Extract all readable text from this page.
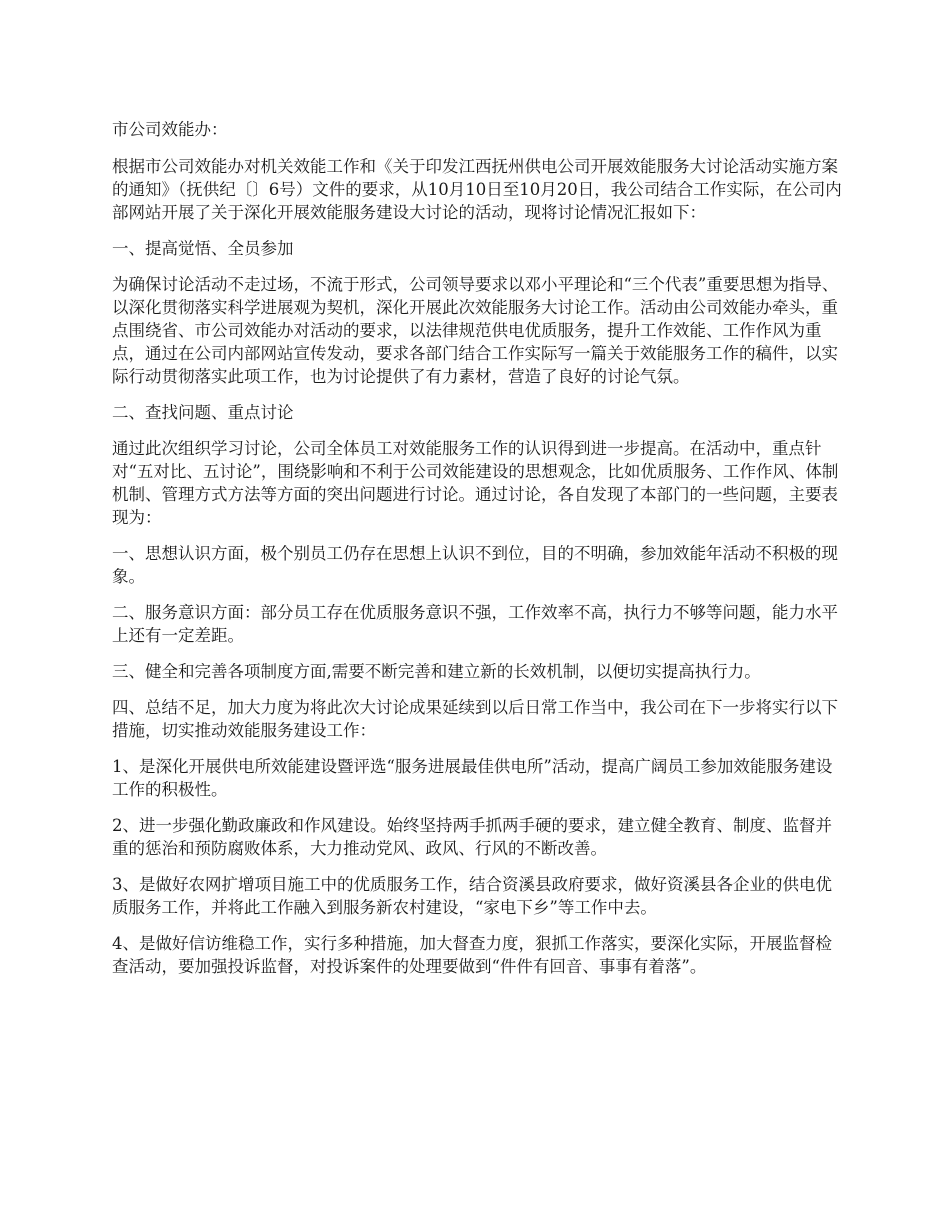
市公司效能办：

根据市公司效能办对机关效能工作和《关于印发江西抚州供电公司开展效能服务大讨论活动实施方案的通知》（抚供纪〔〕6号）文件的要求，从10月10日至10月20日，我公司结合工作实际，在公司内部网站开展了关于深化开展效能服务建设大讨论的活动，现将讨论情况汇报如下：

一、提高觉悟、全员参加

为确保讨论活动不走过场，不流于形式，公司领导要求以邓小平理论和“三个代表”重要思想为指导、以深化贯彻落实科学进展观为契机，深化开展此次效能服务大讨论工作。活动由公司效能办牵头，重点围绕省、市公司效能办对活动的要求，以法律规范供电优质服务，提升工作效能、工作作风为重点，通过在公司内部网站宣传发动，要求各部门结合工作实际写一篇关于效能服务工作的稿件，以实际行动贯彻落实此项工作，也为讨论提供了有力素材，营造了良好的讨论气氛。

二、查找问题、重点讨论

通过此次组织学习讨论，公司全体员工对效能服务工作的认识得到进一步提高。在活动中，重点针对“五对比、五讨论”，围绕影响和不利于公司效能建设的思想观念，比如优质服务、工作作风、体制机制、管理方式方法等方面的突出问题进行讨论。通过讨论，各自发现了本部门的一些问题，主要表现为：

一、思想认识方面，极个别员工仍存在思想上认识不到位，目的不明确，参加效能年活动不积极的现象。

二、服务意识方面：部分员工存在优质服务意识不强，工作效率不高，执行力不够等问题，能力水平上还有一定差距。

三、健全和完善各项制度方面,需要不断完善和建立新的长效机制，以便切实提高执行力。

四、总结不足，加大力度为将此次大讨论成果延续到以后日常工作当中，我公司在下一步将实行以下措施，切实推动效能服务建设工作：

1、是深化开展供电所效能建设暨评选“服务进展最佳供电所”活动，提高广阔员工参加效能服务建设工作的积极性。

2、进一步强化勤政廉政和作风建设。始终坚持两手抓两手硬的要求，建立健全教育、制度、监督并重的惩治和预防腐败体系，大力推动党风、政风、行风的不断改善。

3、是做好农网扩增项目施工中的优质服务工作，结合资溪县政府要求，做好资溪县各企业的供电优质服务工作，并将此工作融入到服务新农村建设，“家电下乡”等工作中去。

4、是做好信访维稳工作，实行多种措施，加大督查力度，狠抓工作落实，要深化实际，开展监督检查活动，要加强投诉监督，对投诉案件的处理要做到“件件有回音、事事有着落”。
